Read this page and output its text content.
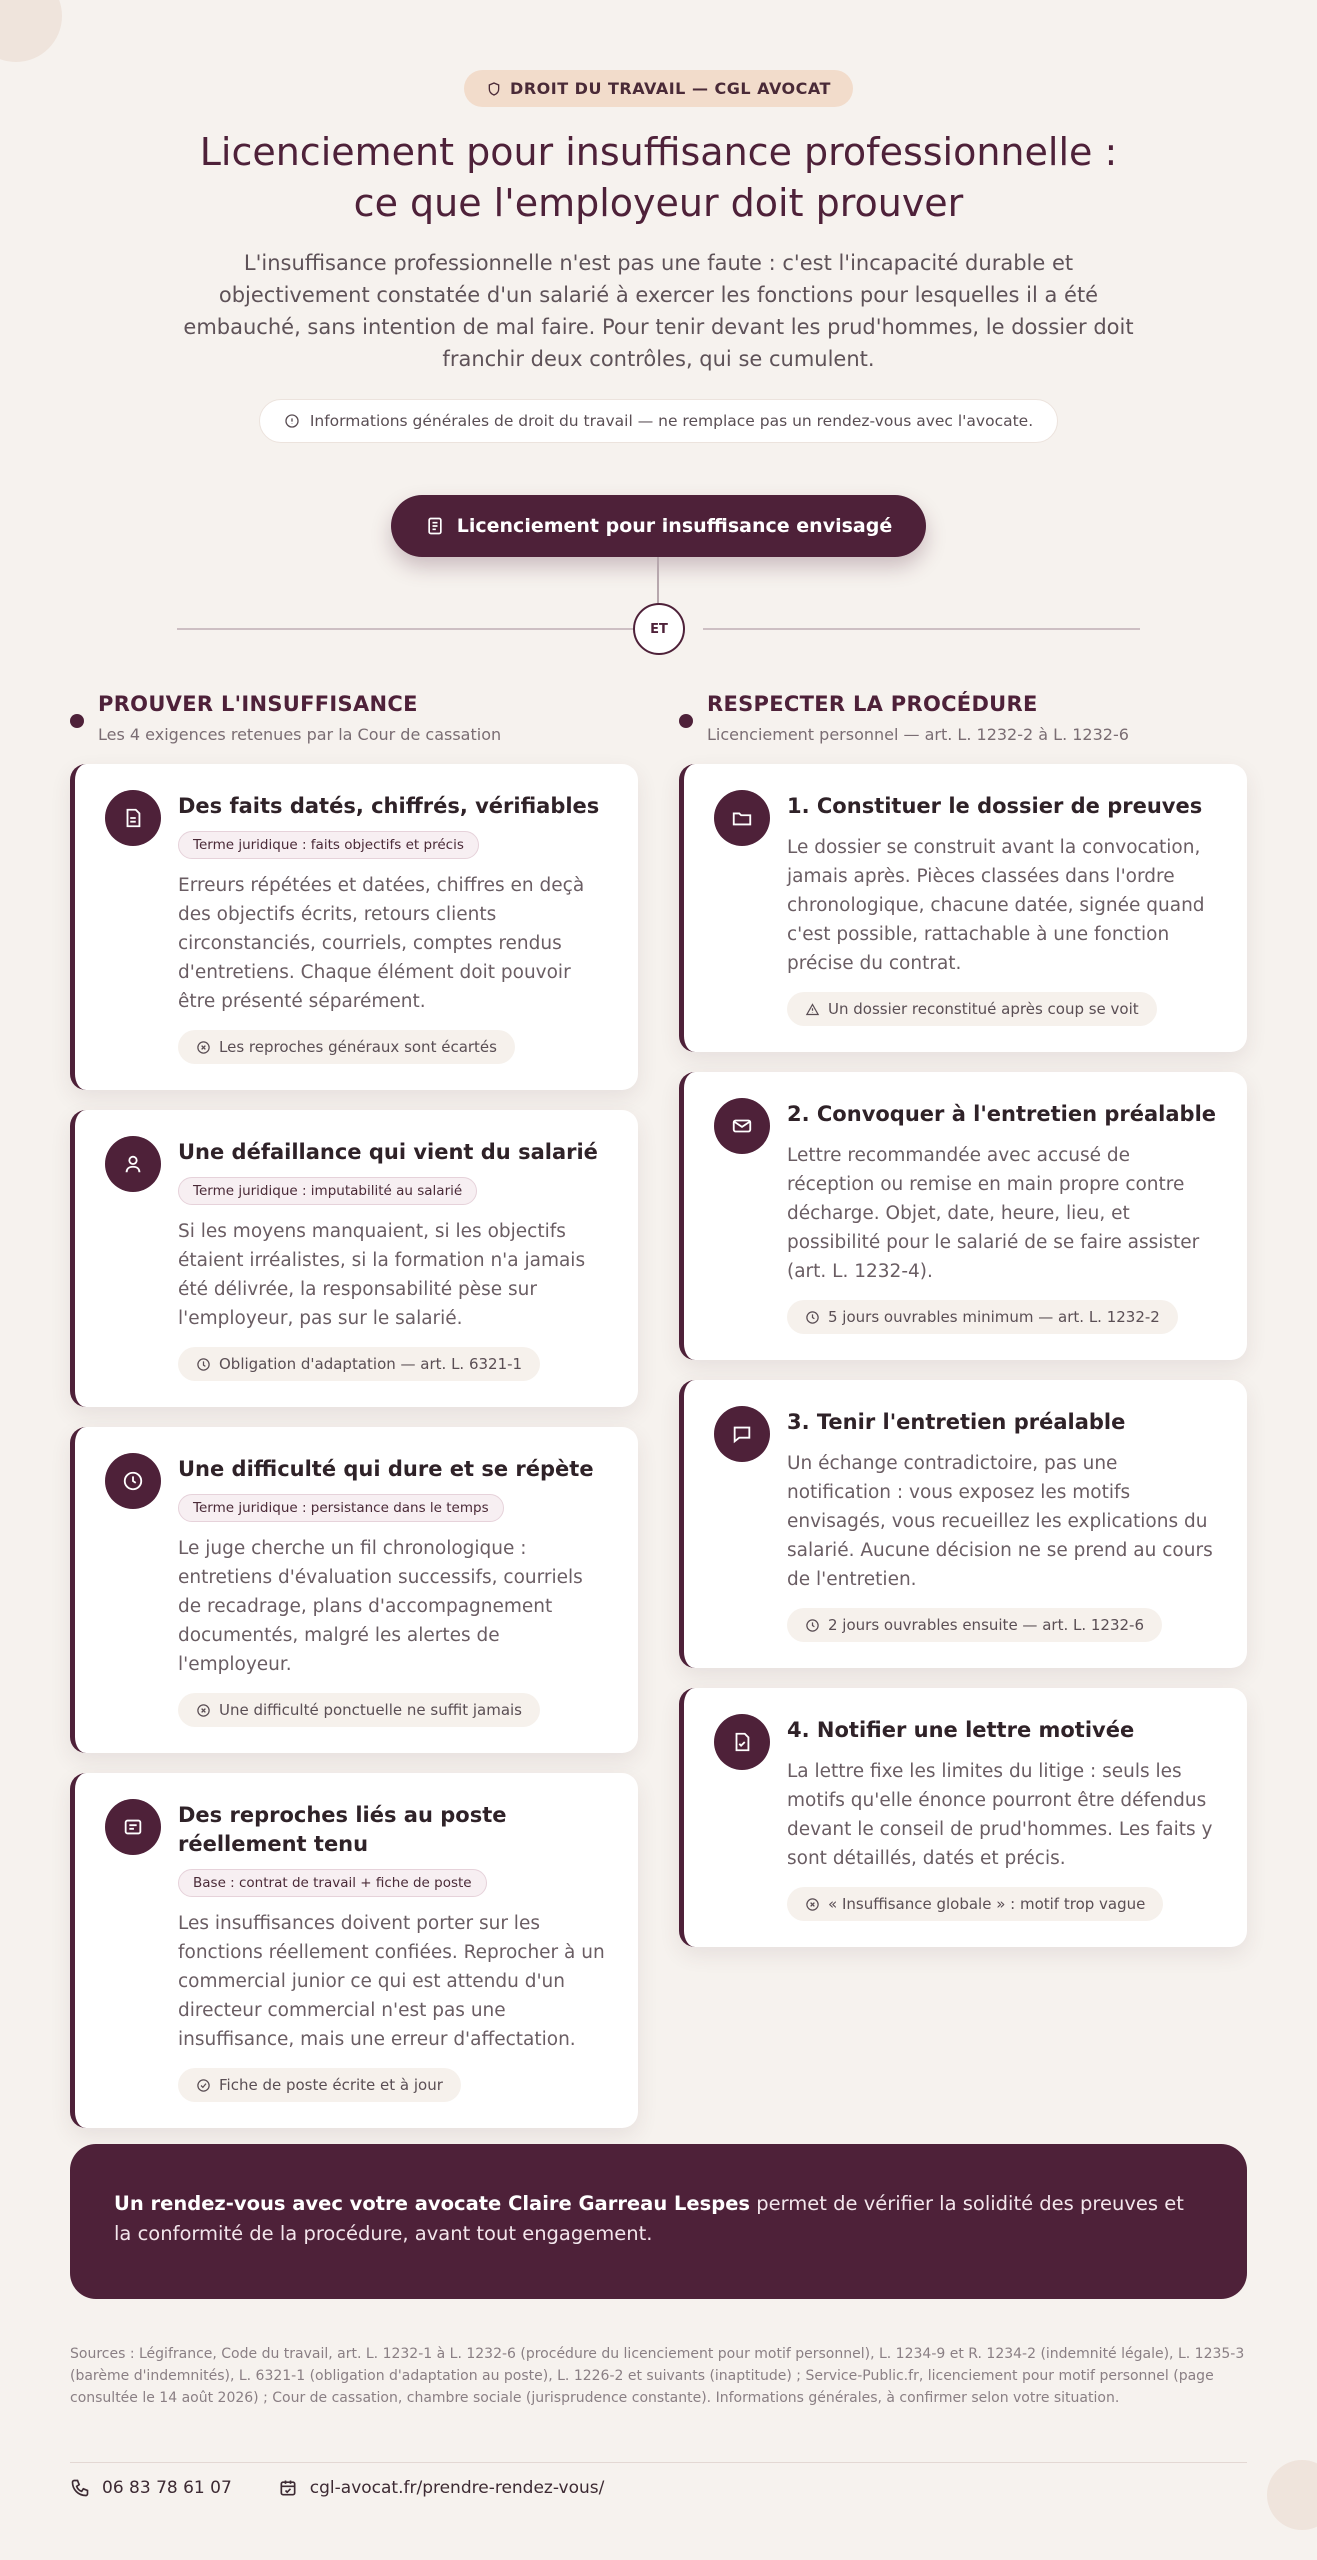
DROIT DU TRAVAIL — CGL AVOCAT
Licenciement pour insuffisance professionnelle :
ce que l'employeur doit prouver

L'insuffisance professionnelle n'est pas une faute : c'est l'incapacité durable et objectivement constatée d'un salarié à exercer les fonctions pour lesquelles il a été embauché, sans intention de mal faire. Pour tenir devant les prud'hommes, le dossier doit franchir deux contrôles, qui se cumulent.

Informations générales de droit du travail — ne remplace pas un rendez-vous avec l'avocate.

Licenciement pour insuffisance envisagé
ET
PROUVER L'INSUFFISANCE
Les 4 exigences retenues par la Cour de cassation
Des faits datés, chiffrés, vérifiables
Terme juridique : faits objectifs et précis

Erreurs répétées et datées, chiffres en deçà des objectifs écrits, retours clients circonstanciés, courriels, comptes rendus d'entretiens. Chaque élément doit pouvoir être présenté séparément.

Les reproches généraux sont écartés
Une défaillance qui vient du salarié
Terme juridique : imputabilité au salarié

Si les moyens manquaient, si les objectifs étaient irréalistes, si la formation n'a jamais été délivrée, la responsabilité pèse sur l'employeur, pas sur le salarié.

Obligation d'adaptation — art. L. 6321-1
Une difficulté qui dure et se répète
Terme juridique : persistance dans le temps

Le juge cherche un fil chronologique : entretiens d'évaluation successifs, courriels de recadrage, plans d'accompagnement documentés, malgré les alertes de l'employeur.

Une difficulté ponctuelle ne suffit jamais
Des reproches liés au poste réellement tenu
Base : contrat de travail + fiche de poste

Les insuffisances doivent porter sur les fonctions réellement confiées. Reprocher à un commercial junior ce qui est attendu d'un directeur commercial n'est pas une insuffisance, mais une erreur d'affectation.

Fiche de poste écrite et à jour
RESPECTER LA PROCÉDURE
Licenciement personnel — art. L. 1232-2 à L. 1232-6
1. Constituer le dossier de preuves

Le dossier se construit avant la convocation, jamais après. Pièces classées dans l'ordre chronologique, chacune datée, signée quand c'est possible, rattachable à une fonction précise du contrat.

Un dossier reconstitué après coup se voit
2. Convoquer à l'entretien préalable

Lettre recommandée avec accusé de réception ou remise en main propre contre décharge. Objet, date, heure, lieu, et possibilité pour le salarié de se faire assister (art. L. 1232-4).

5 jours ouvrables minimum — art. L. 1232-2
3. Tenir l'entretien préalable

Un échange contradictoire, pas une notification : vous exposez les motifs envisagés, vous recueillez les explications du salarié. Aucune décision ne se prend au cours de l'entretien.

2 jours ouvrables ensuite — art. L. 1232-6
4. Notifier une lettre motivée

La lettre fixe les limites du litige : seuls les motifs qu'elle énonce pourront être défendus devant le conseil de prud'hommes. Les faits y sont détaillés, datés et précis.

« Insuffisance globale » : motif trop vague
Un rendez-vous avec votre avocate Claire Garreau Lespes permet de vérifier la solidité des preuves et la conformité de la procédure, avant tout engagement.

Sources : Légifrance, Code du travail, art. L. 1232-1 à L. 1232-6 (procédure du licenciement pour motif personnel), L. 1234-9 et R. 1234-2 (indemnité légale), L. 1235-3 (barème d'indemnités), L. 6321-1 (obligation d'adaptation au poste), L. 1226-2 et suivants (inaptitude) ; Service-Public.fr, licenciement pour motif personnel (page consultée le 14 août 2026) ; Cour de cassation, chambre sociale (jurisprudence constante). Informations générales, à confirmer selon votre situation.

06 83 78 61 07	cgl-avocat.fr/prendre-rendez-vous/
